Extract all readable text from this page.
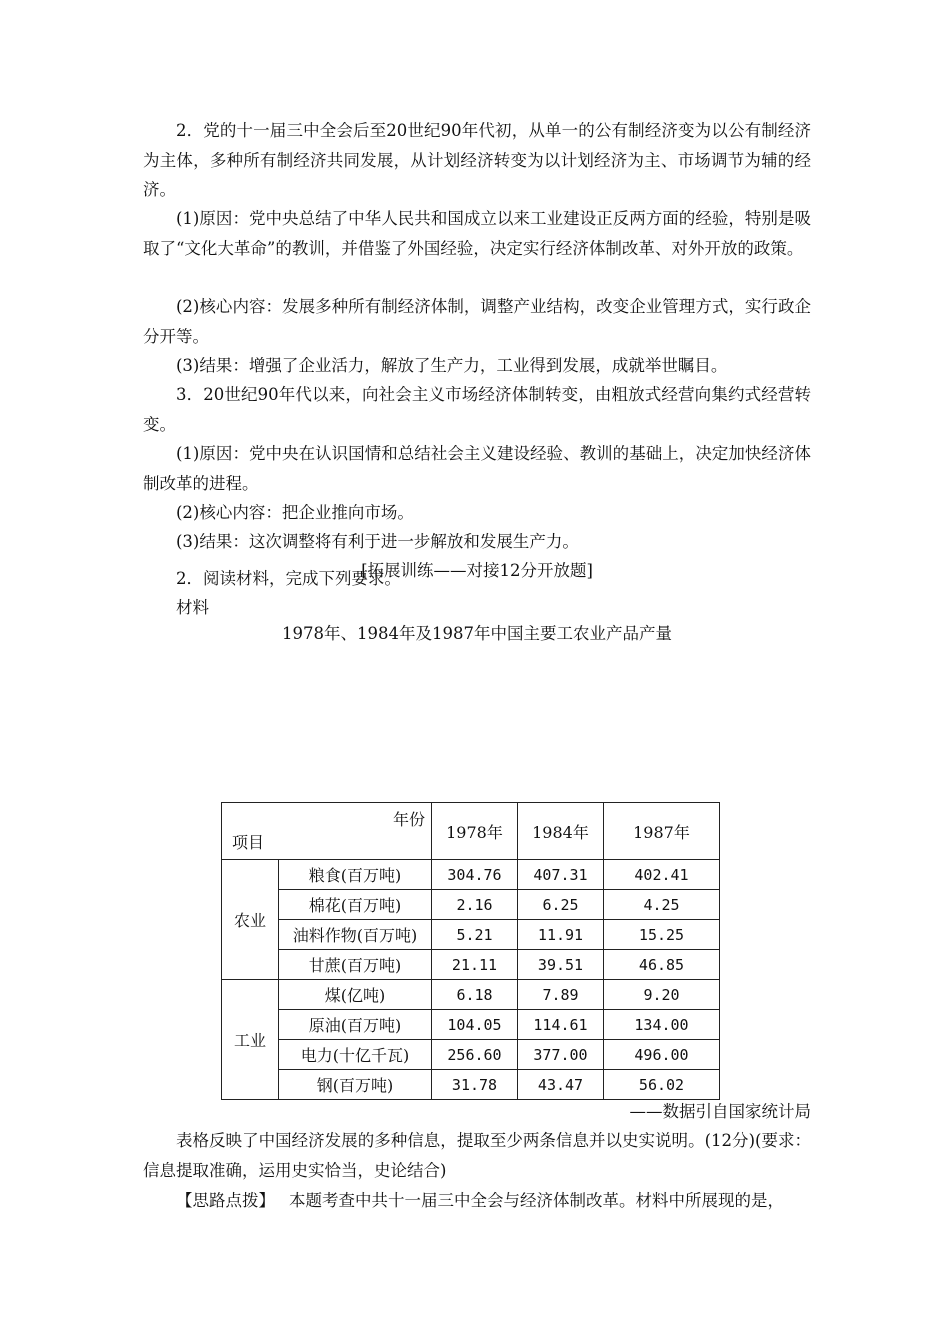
2．党的十一届三中全会后至20世纪90年代初，从单一的公有制经济变为以公有制经济为主体，多种所有制经济共同发展，从计划经济转变为以计划经济为主、市场调节为辅的经济。

(1)原因：党中央总结了中华人民共和国成立以来工业建设正反两方面的经验，特别是吸取了“文化大革命”的教训，并借鉴了外国经验，决定实行经济体制改革、对外开放的政策。

(2)核心内容：发展多种所有制经济体制，调整产业结构，改变企业管理方式，实行政企分开等。

(3)结果：增强了企业活力，解放了生产力，工业得到发展，成就举世瞩目。

3．20世纪90年代以来，向社会主义市场经济体制转变，由粗放式经营向集约式经营转变。

(1)原因：党中央在认识国情和总结社会主义建设经验、教训的基础上，决定加快经济体制改革的进程。

(2)核心内容：把企业推向市场。

(3)结果：这次调整将有利于进一步解放和发展生产力。

[拓展训练——对接12分开放题]

2．阅读材料，完成下列要求。

材料

1978年、1984年及1987年中国主要工农业产品产量

年份
项目		1978年	1984年	1987年
农业	粮食(百万吨)	304.76	407.31	402.41
	棉花(百万吨)	2.16	6.25	4.25
	油料作物(百万吨)	5.21	11.91	15.25
	甘蔗(百万吨)	21.11	39.51	46.85
工业	煤(亿吨)	6.18	7.89	9.20
	原油(百万吨)	104.05	114.61	134.00
	电力(十亿千瓦)	256.60	377.00	496.00
	钢(百万吨)	31.78	43.47	56.02

——数据引自国家统计局

表格反映了中国经济发展的多种信息，提取至少两条信息并以史实说明。(12分)(要求：信息提取准确，运用史实恰当，史论结合)

【思路点拨】 本题考查中共十一届三中全会与经济体制改革。材料中所展现的是，
